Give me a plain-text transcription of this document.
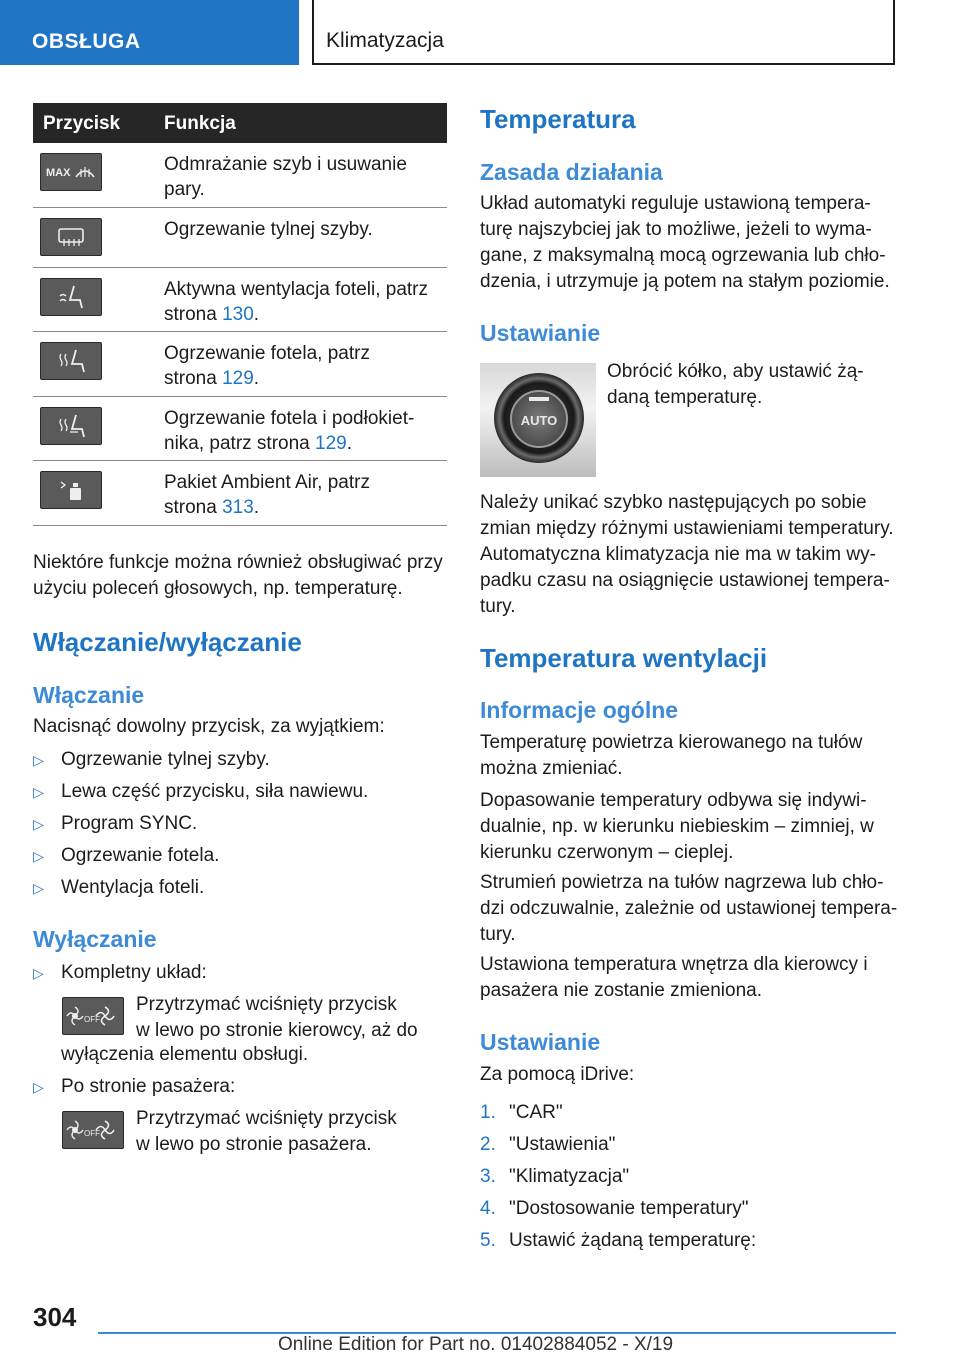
OBSŁUGA	Klimatyzacja
Przycisk Funkcja
MAX	Odmrażanie szyb i usuwanie
pary.
Ogrzewanie tylnej szyby.
Aktywna wentylacja foteli, patrz
strona 130.
Ogrzewanie fotela, patrz
strona 129.
Ogrzewanie fotela i podłokiet-
nika, patrz strona 129.
Pakiet Ambient Air, patrz
strona 313.
Niektóre funkcje można również obsługiwać przy
użyciu poleceń głosowych, np. temperaturę.
Włączanie/wyłączanie
Włączanie
Nacisnąć dowolny przycisk, za wyjątkiem:
▷ Ogrzewanie tylnej szyby.
▷ Lewa część przycisku, siła nawiewu.
▷ Program SYNC.
▷ Ogrzewanie fotela.
▷ Wentylacja foteli.
Wyłączanie
▷ Kompletny układ:
OFF
Przytrzymać wciśnięty przycisk
w lewo po stronie kierowcy, aż do
wyłączenia elementu obsługi.
▷ Po stronie pasażera:
OFF
Przytrzymać wciśnięty przycisk
w lewo po stronie pasażera.
Temperatura
Zasada działania
Układ automatyki reguluje ustawioną tempera-
turę najszybciej jak to możliwe, jeżeli to wyma-
gane, z maksymalną mocą ogrzewania lub chło-
dzenia, i utrzymuje ją potem na stałym poziomie.
Ustawianie
AUTO
Obrócić kółko, aby ustawić żą-
daną temperaturę.
Należy unikać szybko następujących po sobie
zmian między różnymi ustawieniami temperatury.
Automatyczna klimatyzacja nie ma w takim wy-
padku czasu na osiągnięcie ustawionej tempera-
tury.
Temperatura wentylacji
Informacje ogólne
Temperaturę powietrza kierowanego na tułów
można zmieniać.
Dopasowanie temperatury odbywa się indywi-
dualnie, np. w kierunku niebieskim – zimniej, w
kierunku czerwonym – cieplej.
Strumień powietrza na tułów nagrzewa lub chło-
dzi odczuwalnie, zależnie od ustawionej tempera-
tury.
Ustawiona temperatura wnętrza dla kierowcy i
pasażera nie zostanie zmieniona.
Ustawianie
Za pomocą iDrive:
1. "CAR"
2. "Ustawienia"
3. "Klimatyzacja"
4. "Dostosowanie temperatury"
5. Ustawić żądaną temperaturę:
304
Online Edition for Part no. 01402884052 - X/19
